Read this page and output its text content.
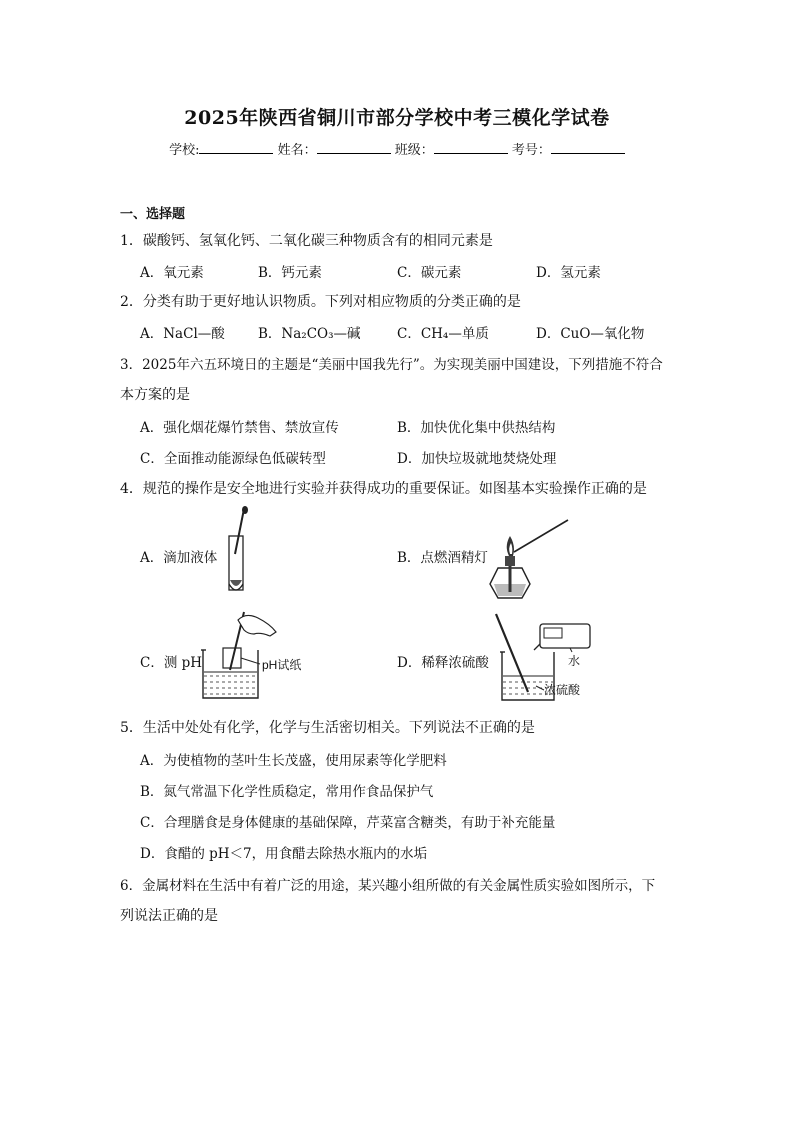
2025年陕西省铜川市部分学校中考三模化学试卷
学校:	姓名：	班级：	考号：
一、选择题
1．碳酸钙、氢氧化钙、二氧化碳三种物质含有的相同元素是
A．氧元素	B．钙元素	C．碳元素	D．氢元素
2．分类有助于更好地认识物质。下列对相应物质的分类正确的是
A．NaCl—酸 B．Na₂CO₃—碱	C．CH₄—单质	D．CuO—氧化物
3．2025年六五环境日的主题是“美丽中国我先行”。为实现美丽中国建设，下列措施不符合
本方案的是
A．强化烟花爆竹禁售、禁放宣传	B．加快优化集中供热结构
C．全面推动能源绿色低碳转型	D．加快垃圾就地焚烧处理
4．规范的操作是安全地进行实验并获得成功的重要保证。如图基本实验操作正确的是
A．滴加液体	B．点燃酒精灯
C．测 pH	D．稀释浓硫酸
pH试纸	水
浓硫酸
5．生活中处处有化学，化学与生活密切相关。下列说法不正确的是
A．为使植物的茎叶生长茂盛，使用尿素等化学肥料
B．氮气常温下化学性质稳定，常用作食品保护气
C．合理膳食是身体健康的基础保障，芹菜富含糖类，有助于补充能量
D．食醋的 pH＜7，用食醋去除热水瓶内的水垢
6．金属材料在生活中有着广泛的用途，某兴趣小组所做的有关金属性质实验如图所示，下
列说法正确的是
